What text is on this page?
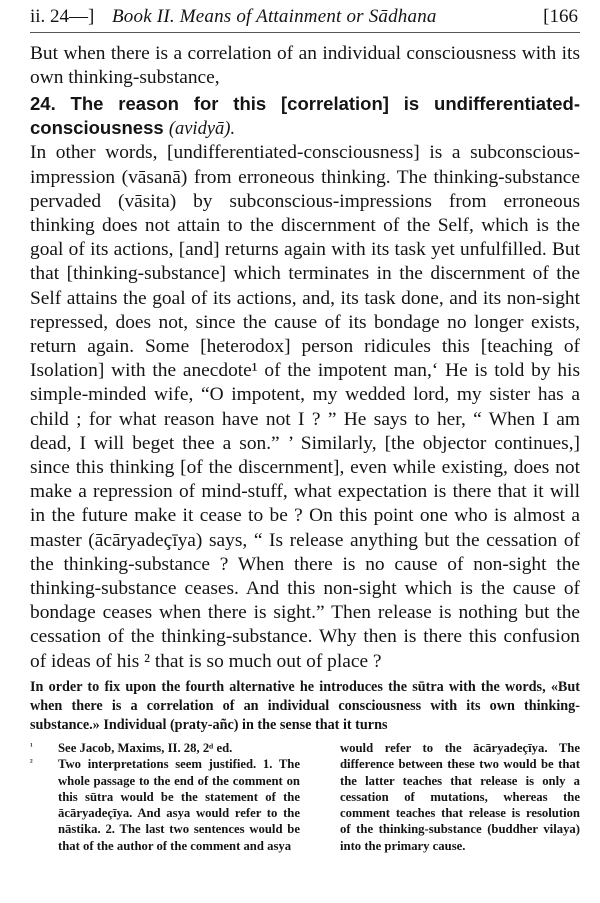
ii. 24—] Book II. Means of Attainment or Sādhana	[166

But when there is a correlation of an individual consciousness with its own thinking-substance,

24. The reason for this [correlation] is undifferentiated-consciousness (avidyā).

In other words, [undifferentiated-consciousness] is a subconscious-impression (vāsanā) from erroneous thinking. The thinking-substance pervaded (vāsita) by subconscious-impressions from erroneous thinking does not attain to the discernment of the Self, which is the goal of its actions, [and] returns again with its task yet unfulfilled. But that [thinking-substance] which terminates in the discernment of the Self attains the goal of its actions, and, its task done, and its non-sight repressed, does not, since the cause of its bondage no longer exists, return again. Some [heterodox] person ridicules this [teaching of Isolation] with the anecdote¹ of the impotent man,‘ He is told by his simple-minded wife, “O impotent, my wedded lord, my sister has a child ; for what reason have not I ? ” He says to her, “ When I am dead, I will beget thee a son.” ’ Similarly, [the objector continues,] since this thinking [of the discernment], even while existing, does not make a repression of mind-stuff, what expectation is there that it will in the future make it cease to be ? On this point one who is almost a master (ācāryadeçīya) says, “ Is release anything but the cessation of the thinking-substance ? When there is no cause of non-sight the thinking-substance ceases. And this non-sight which is the cause of bondage ceases when there is sight.” Then release is nothing but the cessation of the thinking-substance. Why then is there this confusion of ideas of his ² that is so much out of place ?

In order to fix upon the fourth alternative he introduces the sūtra with the words, «But when there is a correlation of an individual consciousness with its own thinking-substance.» Individual (praty-añc) in the sense that it turns

¹ See Jacob, Maxims, II. 28, 2ᵈ ed.

² Two interpretations seem justified. 1. The whole passage to the end of the comment on this sūtra would be the statement of the ācāryadeçīya. And asya would refer to the nāstika. 2. The last two sentences would be that of the author of the comment and asya

would refer to the ācāryadeçīya. The difference between these two would be that the latter teaches that release is only a cessation of mutations, whereas the comment teaches that release is resolution of the thinking-substance (buddher vilaya) into the primary cause.
